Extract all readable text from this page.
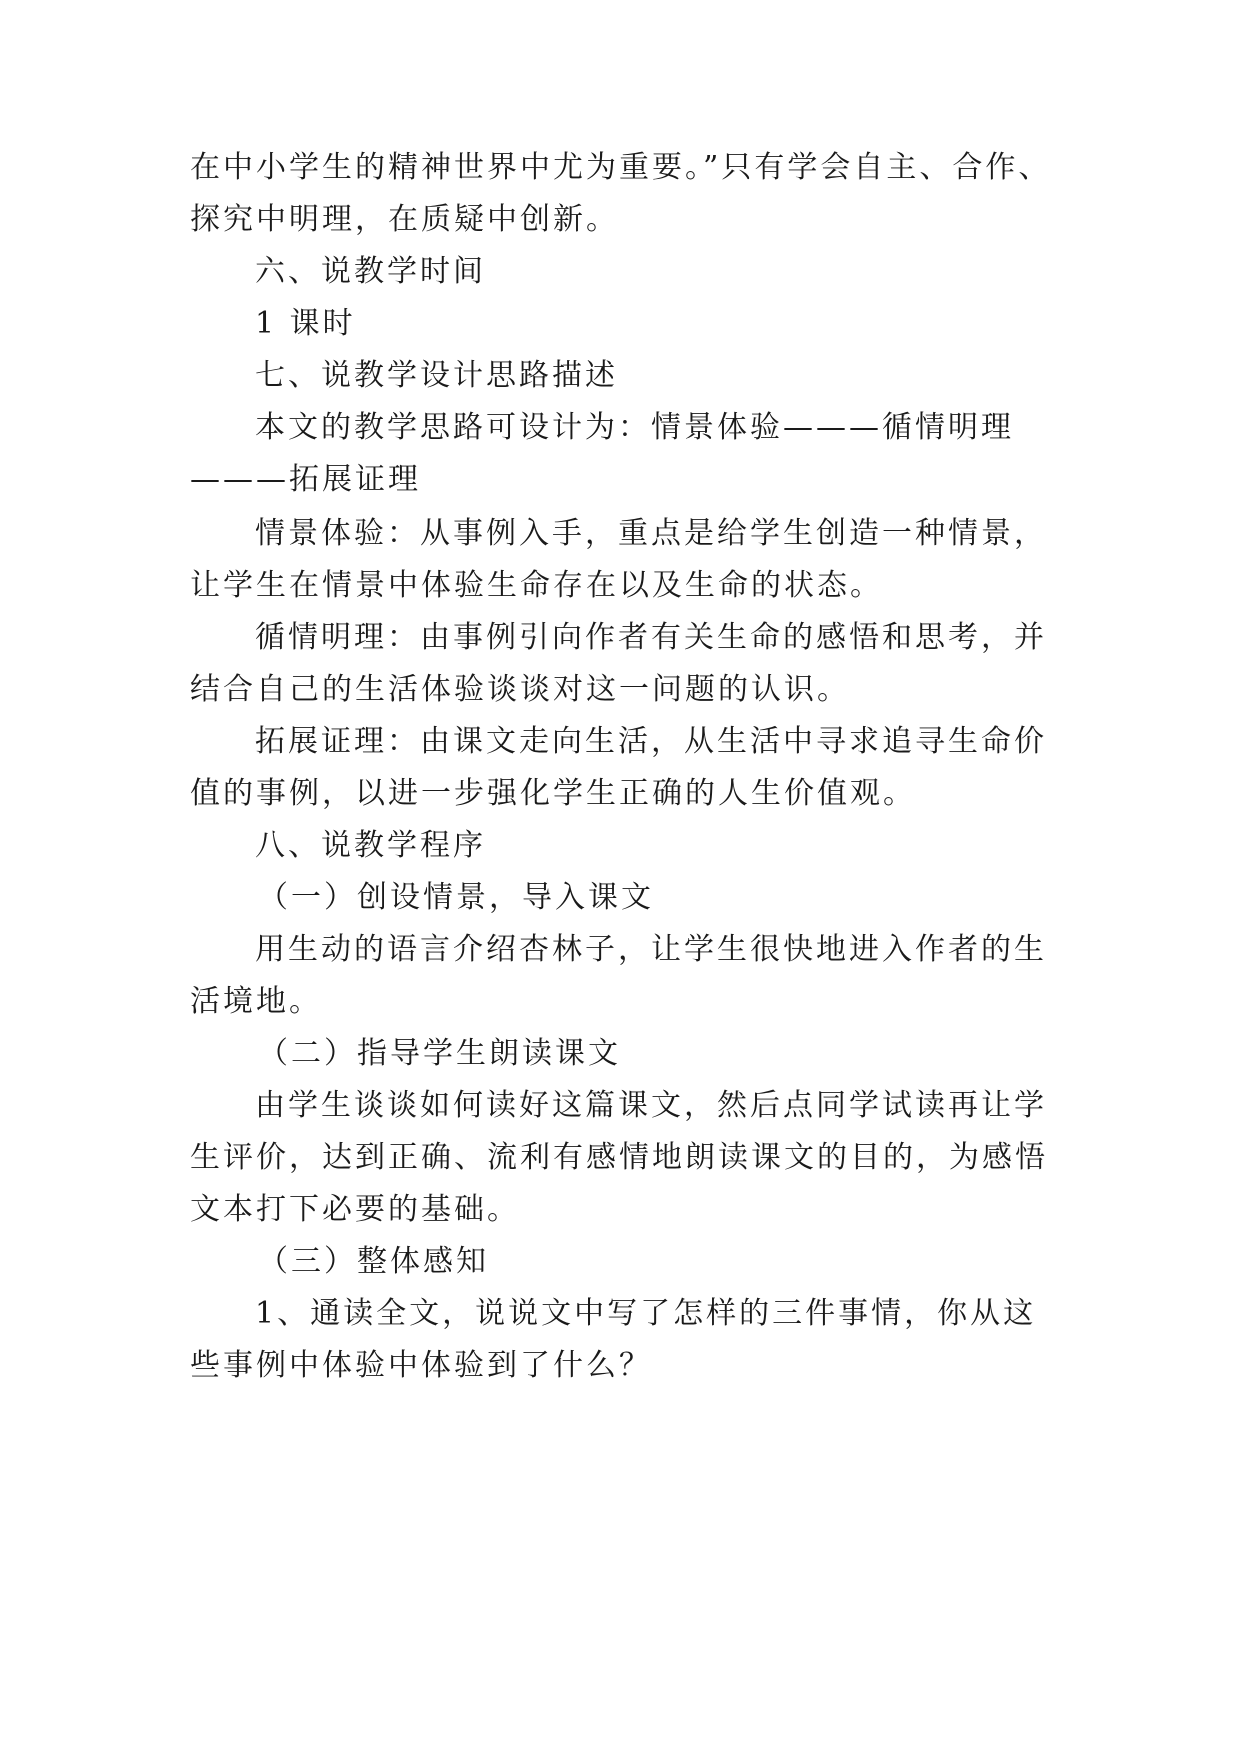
在中小学生的精神世界中尤为重要。”只有学会自主、合作、
探究中明理，在质疑中创新。
六、说教学时间
1 课时
七、说教学设计思路描述
本文的教学思路可设计为：情景体验———循情明理
———拓展证理
情景体验：从事例入手，重点是给学生创造一种情景，
让学生在情景中体验生命存在以及生命的状态。
循情明理：由事例引向作者有关生命的感悟和思考，并
结合自己的生活体验谈谈对这一问题的认识。
拓展证理：由课文走向生活，从生活中寻求追寻生命价
值的事例，以进一步强化学生正确的人生价值观。
八、说教学程序
（一）创设情景，导入课文
用生动的语言介绍杏林子，让学生很快地进入作者的生
活境地。
（二）指导学生朗读课文
由学生谈谈如何读好这篇课文，然后点同学试读再让学
生评价，达到正确、流利有感情地朗读课文的目的，为感悟
文本打下必要的基础。
（三）整体感知
1、通读全文，说说文中写了怎样的三件事情，你从这
些事例中体验中体验到了什么？
